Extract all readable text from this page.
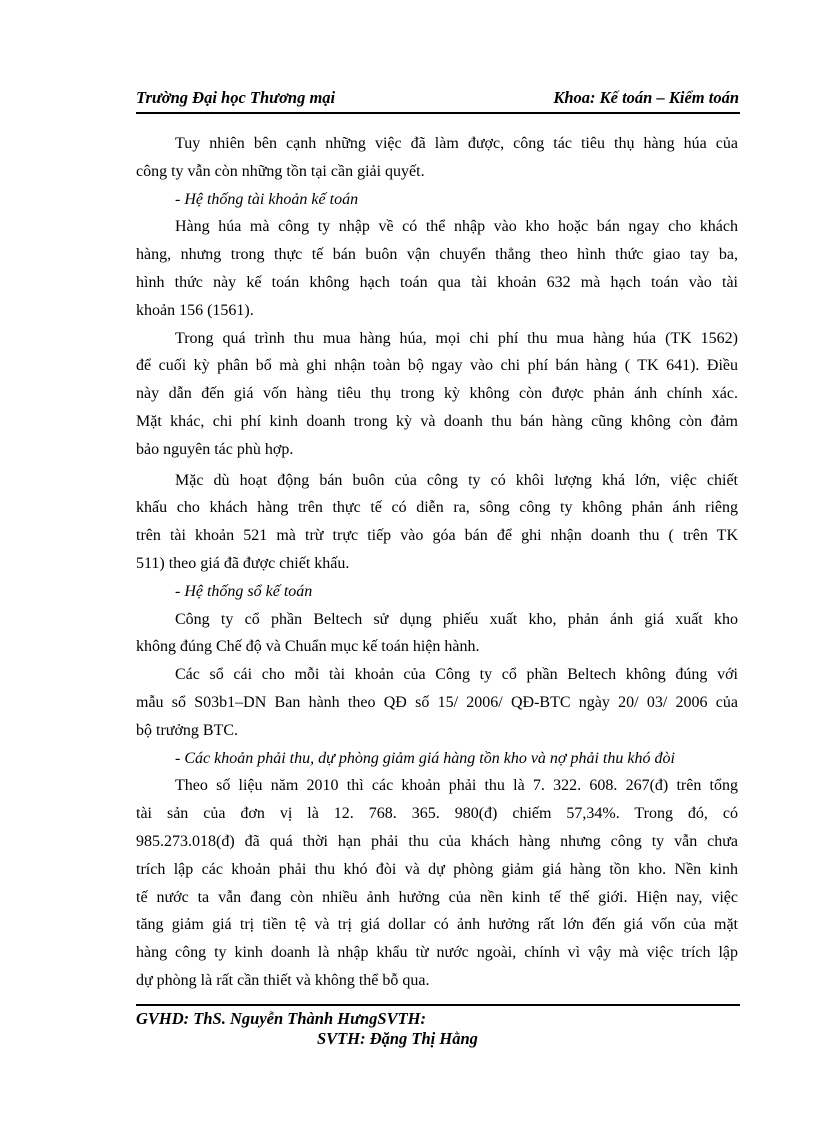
Trường Đại học Thương mại	Khoa: Kế toán – Kiểm toán
Tuy nhiên bên cạnh những việc đã làm được, công tác tiêu thụ hàng húa của
công ty vẫn còn những tồn tại cần giải quyết.
- Hệ thống tài khoản kế toán
Hàng húa mà công ty nhập về có thể nhập vào kho hoặc bán ngay cho khách
hàng, nhưng trong thực tế bán buôn vận chuyển thẳng theo hình thức giao tay ba,
hình thức này kế toán không hạch toán qua tài khoản 632 mà hạch toán vào tài
khoản 156 (1561).
Trong quá trình thu mua hàng húa, mọi chi phí thu mua hàng húa (TK 1562)
để cuối kỳ phân bổ mà ghi nhận toàn bộ ngay vào chi phí bán hàng ( TK 641). Điều
này dẫn đến giá vốn hàng tiêu thụ trong kỳ không còn được phản ánh chính xác.
Mặt khác, chi phí kinh doanh trong kỳ và doanh thu bán hàng cũng không còn đảm
bảo nguyên tác phù hợp.
Mặc dù hoạt động bán buôn của công ty có khôi lượng khá lớn, việc chiết
khấu cho khách hàng trên thực tế có diễn ra, sông công ty không phản ánh riêng
trên tài khoản 521 mà trừ trực tiếp vào góa bán để ghi nhận doanh thu ( trên TK
511) theo giá đã được chiết khấu.
- Hệ thống sổ kế toán
Công ty cổ phần Beltech sử dụng phiếu xuất kho, phản ánh giá xuất kho
không đúng Chế độ và Chuẩn mục kế toán hiện hành.
Các sổ cái cho mỗi tài khoản của Công ty cổ phần Beltech không đúng với
mẫu sổ S03b1–DN Ban hành theo QĐ số 15/ 2006/ QĐ-BTC ngày 20/ 03/ 2006 của
bộ trưởng BTC.
- Các khoản phải thu, dự phòng giảm giá hàng tồn kho và nợ phải thu khó đòi
Theo số liệu năm 2010 thì các khoản phải thu là 7. 322. 608. 267(đ) trên tổng
tài sản của đơn vị là 12. 768. 365. 980(đ) chiếm 57,34%. Trong đó, có
985.273.018(đ) đã quá thời hạn phải thu của khách hàng nhưng công ty vẫn chưa
trích lập các khoản phải thu khó đòi và dự phòng giảm giá hàng tồn kho. Nền kinh
tế nước ta vẫn đang còn nhiều ảnh hưởng của nền kinh tế thế giới. Hiện nay, việc
tăng giảm giá trị tiền tệ và trị giá dollar có ảnh hưởng rất lớn đến giá vốn của mặt
hàng công ty kinh doanh là nhập khẩu từ nước ngoài, chính vì vậy mà việc trích lập
dự phòng là rất cần thiết và không thể bỗ qua.
GVHD: ThS. Nguyễn Thành HưngSVTH:
SVTH: Đặng Thị Hằng
